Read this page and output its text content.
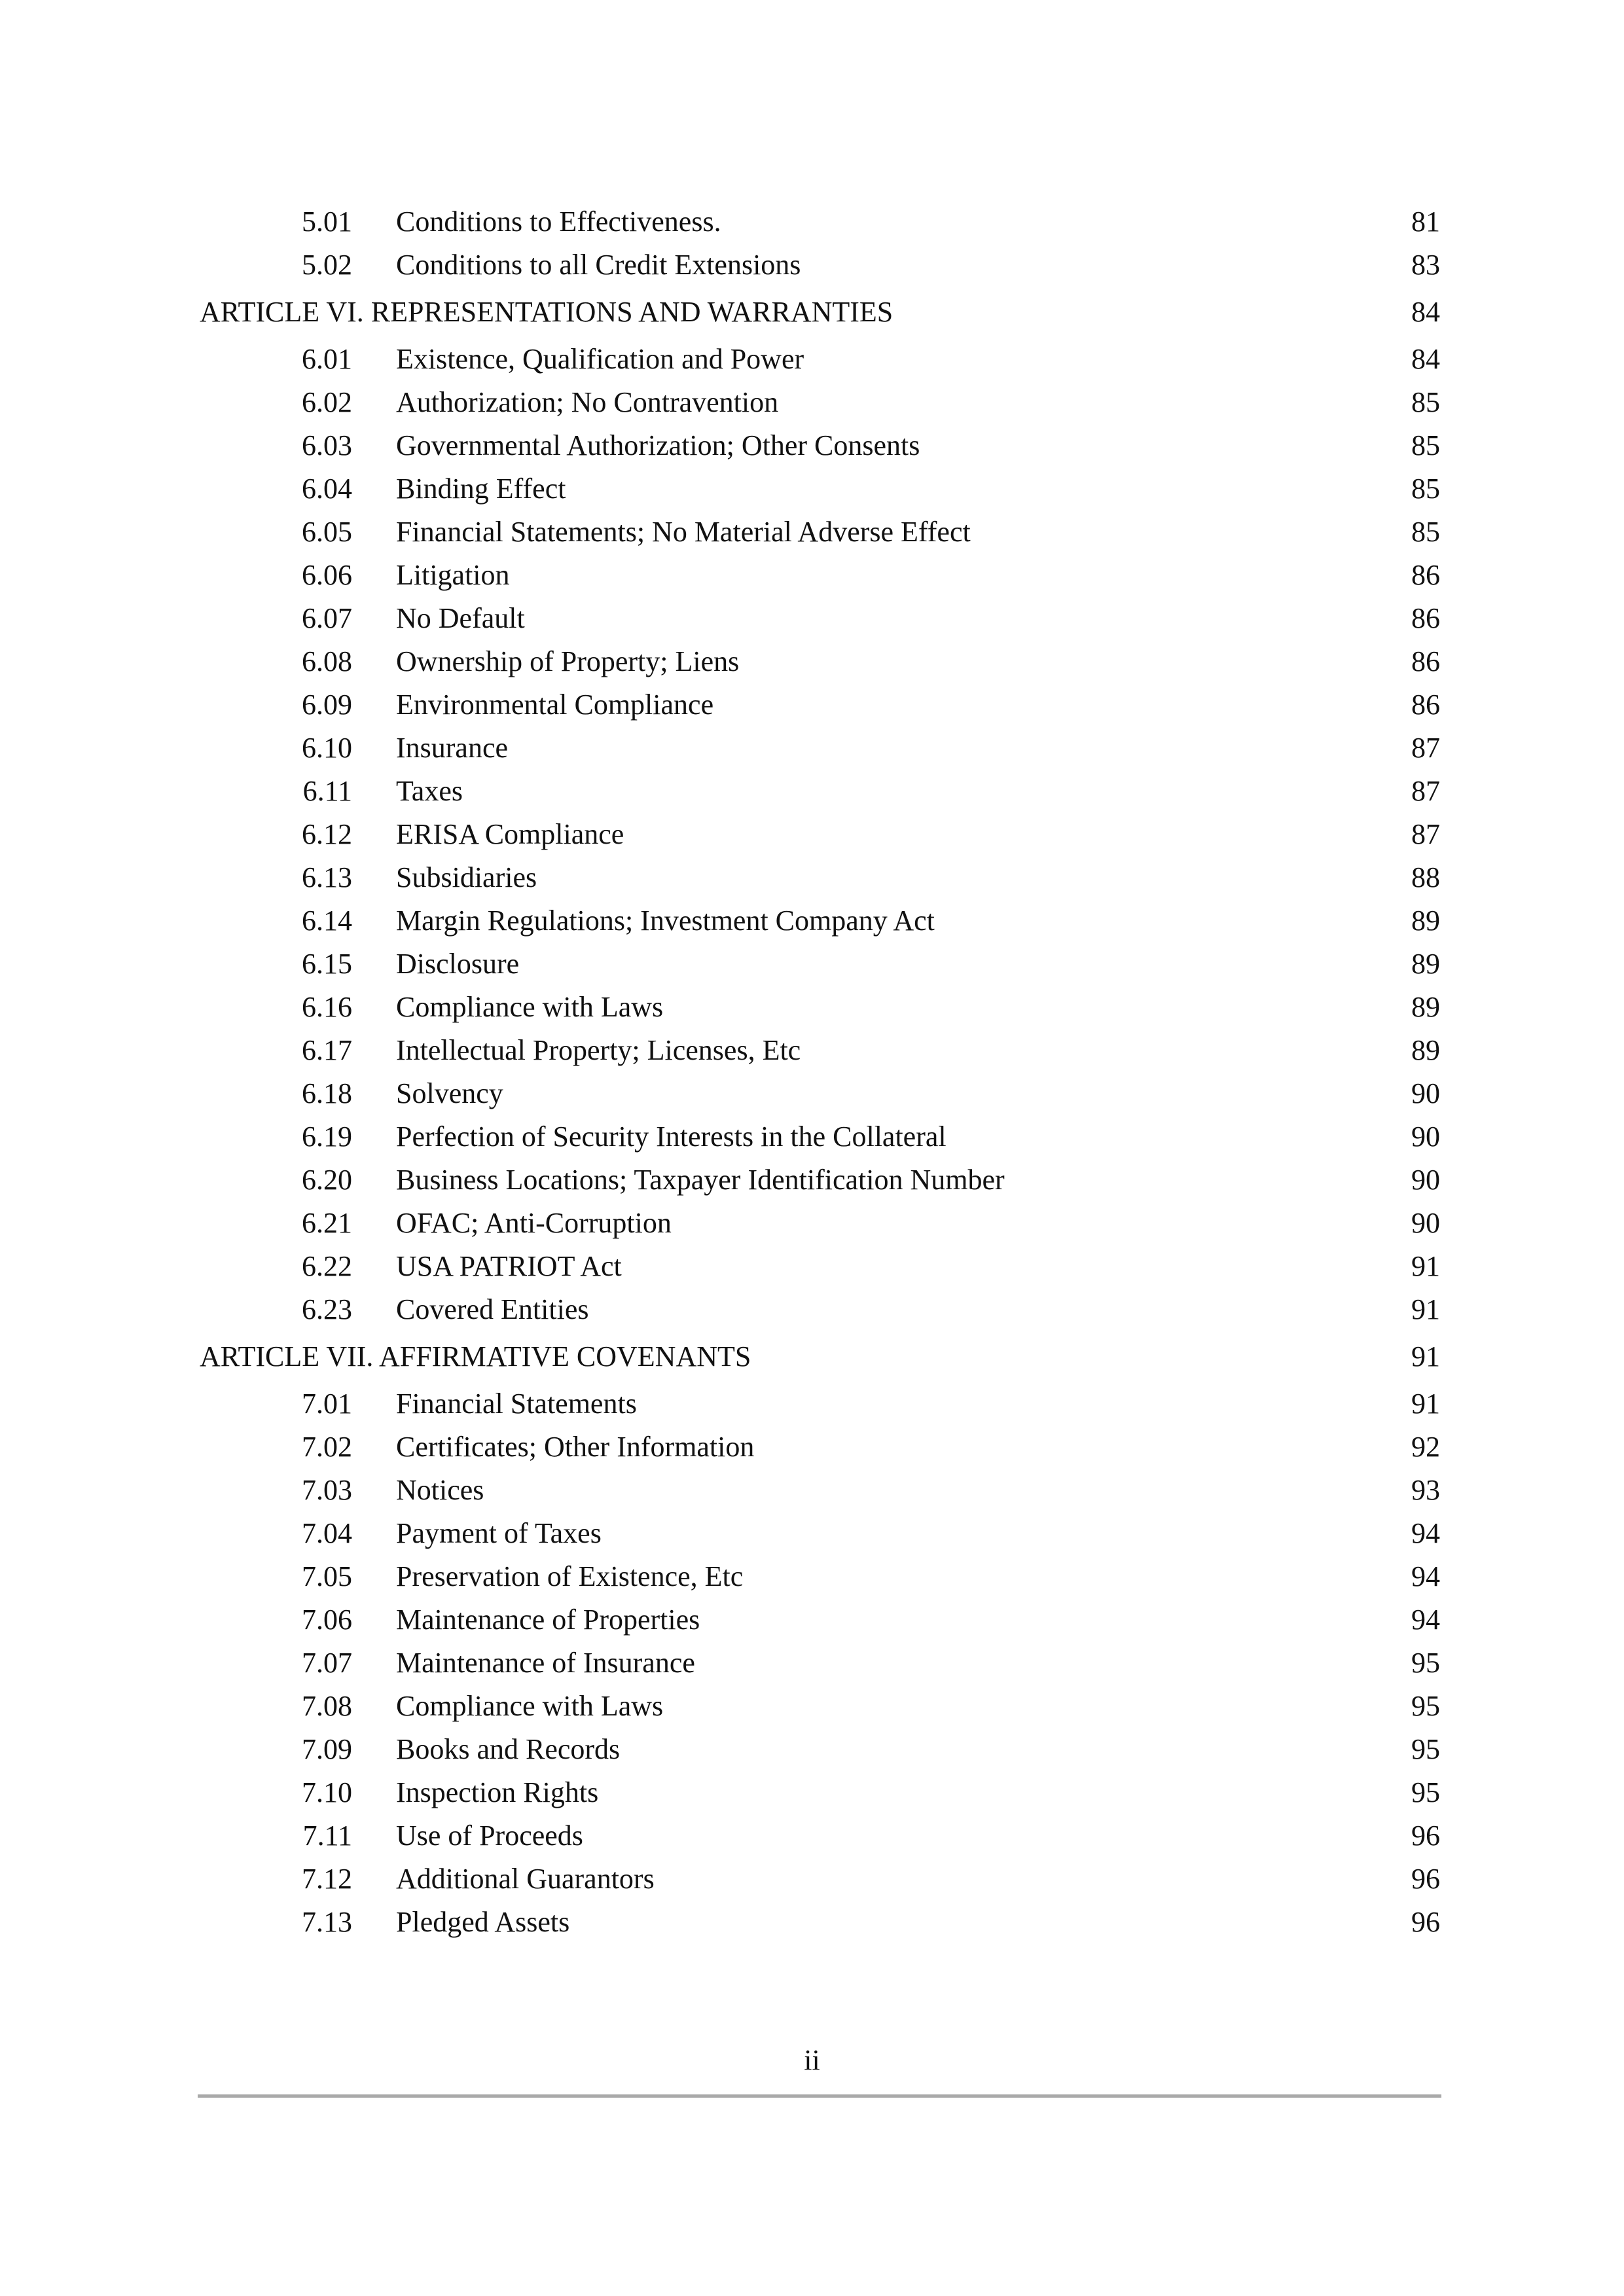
5.01 Conditions to Effectiveness.	81
5.02 Conditions to all Credit Extensions	83
ARTICLE VI. REPRESENTATIONS AND WARRANTIES	84
6.01 Existence, Qualification and Power	84
6.02 Authorization; No Contravention	85
6.03 Governmental Authorization; Other Consents	85
6.04 Binding Effect	85
6.05 Financial Statements; No Material Adverse Effect	85
6.06 Litigation	86
6.07 No Default	86
6.08 Ownership of Property; Liens	86
6.09 Environmental Compliance	86
6.10 Insurance	87
6.11 Taxes	87
6.12 ERISA Compliance	87
6.13 Subsidiaries	88
6.14 Margin Regulations; Investment Company Act	89
6.15 Disclosure	89
6.16 Compliance with Laws	89
6.17 Intellectual Property; Licenses, Etc	89
6.18 Solvency	90
6.19 Perfection of Security Interests in the Collateral	90
6.20 Business Locations; Taxpayer Identification Number	90
6.21 OFAC; Anti-Corruption	90
6.22 USA PATRIOT Act	91
6.23 Covered Entities	91
ARTICLE VII. AFFIRMATIVE COVENANTS	91
7.01 Financial Statements	91
7.02 Certificates; Other Information	92
7.03 Notices	93
7.04 Payment of Taxes	94
7.05 Preservation of Existence, Etc	94
7.06 Maintenance of Properties	94
7.07 Maintenance of Insurance	95
7.08 Compliance with Laws	95
7.09 Books and Records	95
7.10 Inspection Rights	95
7.11 Use of Proceeds	96
7.12 Additional Guarantors	96
7.13 Pledged Assets	96
ii
